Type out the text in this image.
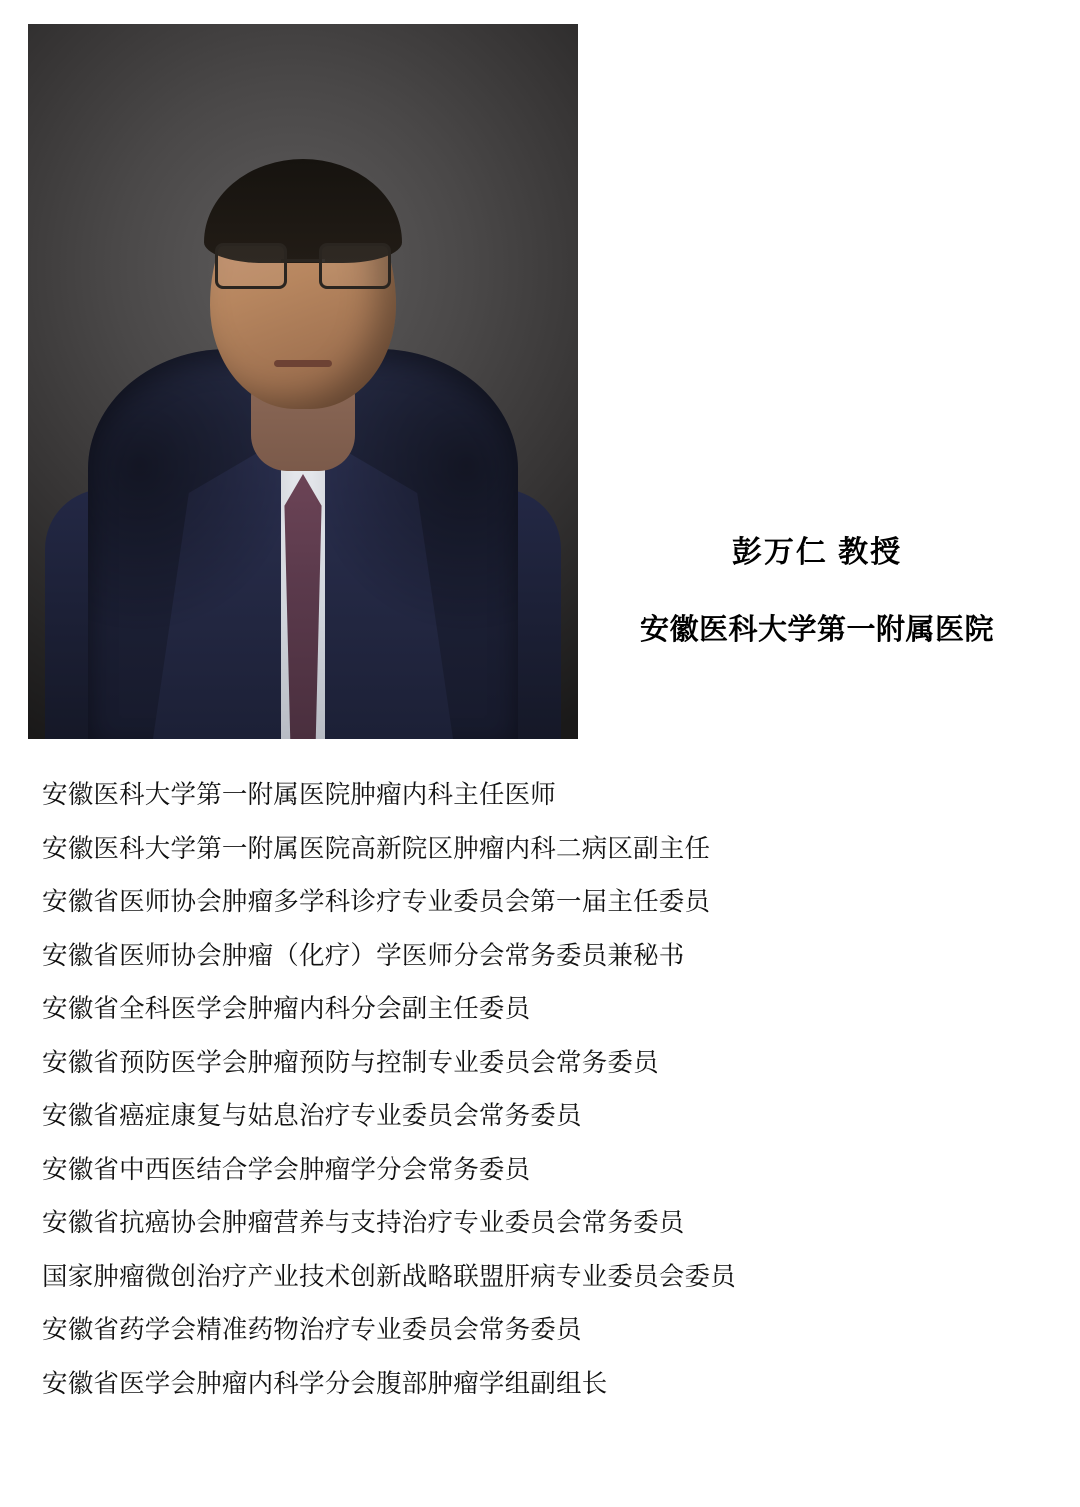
彭万仁 教授
安徽医科大学第一附属医院
安徽医科大学第一附属医院肿瘤内科主任医师
安徽医科大学第一附属医院高新院区肿瘤内科二病区副主任
安徽省医师协会肿瘤多学科诊疗专业委员会第一届主任委员
安徽省医师协会肿瘤（化疗）学医师分会常务委员兼秘书
安徽省全科医学会肿瘤内科分会副主任委员
安徽省预防医学会肿瘤预防与控制专业委员会常务委员
安徽省癌症康复与姑息治疗专业委员会常务委员
安徽省中西医结合学会肿瘤学分会常务委员
安徽省抗癌协会肿瘤营养与支持治疗专业委员会常务委员
国家肿瘤微创治疗产业技术创新战略联盟肝病专业委员会委员
安徽省药学会精准药物治疗专业委员会常务委员
安徽省医学会肿瘤内科学分会腹部肿瘤学组副组长
